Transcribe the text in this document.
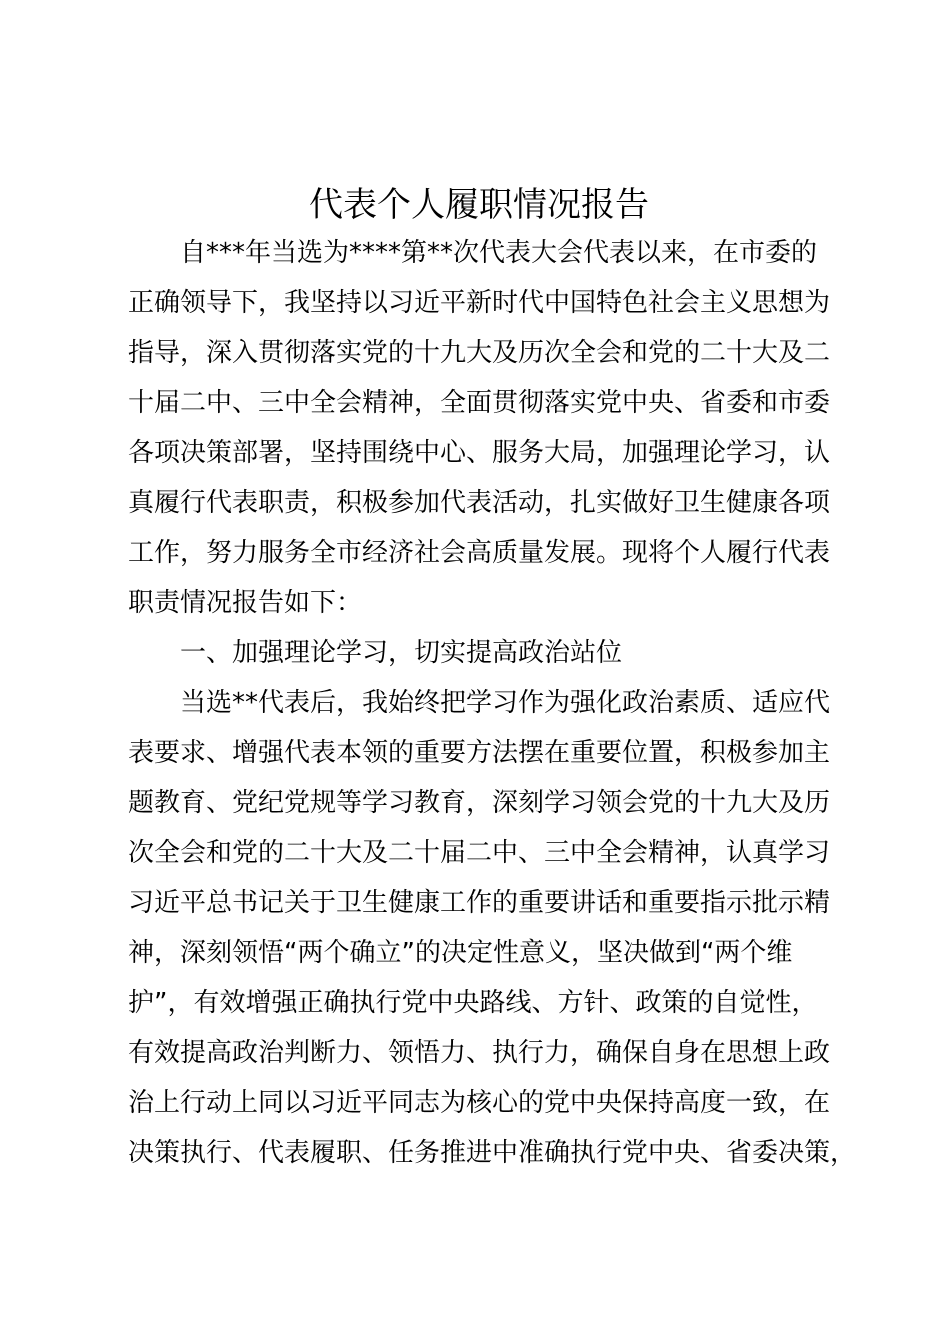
代表个人履职情况报告
自***年当选为****第**次代表大会代表以来，在市委的
正确领导下，我坚持以习近平新时代中国特色社会主义思想为
指导，深入贯彻落实党的十九大及历次全会和党的二十大及二
十届二中、三中全会精神，全面贯彻落实党中央、省委和市委
各项决策部署，坚持围绕中心、服务大局，加强理论学习，认
真履行代表职责，积极参加代表活动，扎实做好卫生健康各项
工作，努力服务全市经济社会高质量发展。现将个人履行代表
职责情况报告如下：
一、加强理论学习，切实提高政治站位
当选**代表后，我始终把学习作为强化政治素质、适应代
表要求、增强代表本领的重要方法摆在重要位置，积极参加主
题教育、党纪党规等学习教育，深刻学习领会党的十九大及历
次全会和党的二十大及二十届二中、三中全会精神，认真学习
习近平总书记关于卫生健康工作的重要讲话和重要指示批示精
神，深刻领悟“两个确立”的决定性意义，坚决做到“两个维
护”，有效增强正确执行党中央路线、方针、政策的自觉性，
有效提高政治判断力、领悟力、执行力，确保自身在思想上政
治上行动上同以习近平同志为核心的党中央保持高度一致，在
决策执行、代表履职、任务推进中准确执行党中央、省委决策，
